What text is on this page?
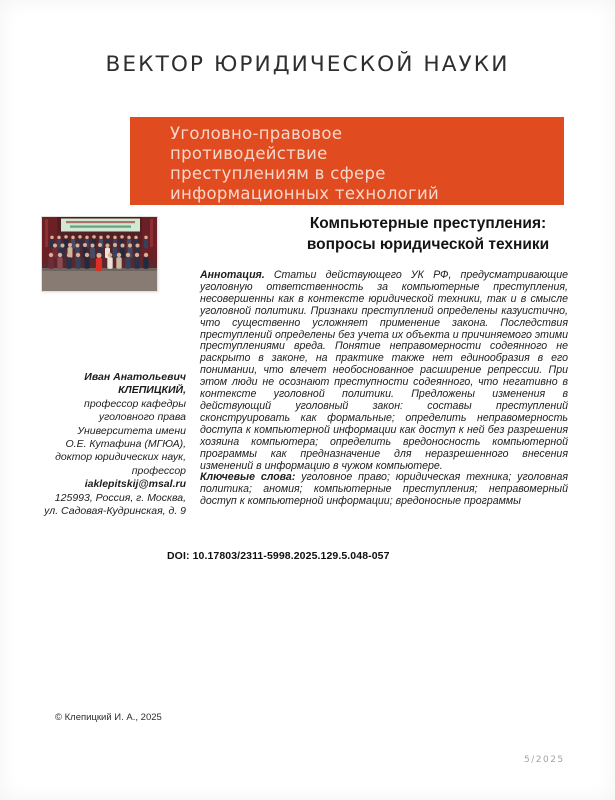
ВЕКТОР ЮРИДИЧЕСКОЙ НАУКИ
Уголовно-правовое
противодействие
преступлениям в сфере
информационных технологий
Компьютерные преступления:
вопросы юридической техники
Иван Анатольевич
КЛЕПИЦКИЙ,
профессор кафедры
уголовного права
Университета имени
О.Е. Кутафина (МГЮА),
доктор юридических наук,
профессор
iaklepitskij@msal.ru
125993, Россия, г. Москва,
ул. Садовая-Кудринская, д. 9

Аннотация. Статьи действующего УК РФ, предусматривающие уголовную ответственность за компьютерные преступления, несовершенны как в контексте юридической техники, так и в смысле уголовной политики. Признаки преступлений определены казуистично, что существенно усложняет применение закона. Последствия преступлений определены без учета их объекта и причиняемого этими преступлениями вреда. Понятие неправомерности содеянного не раскрыто в законе, на практике также нет единообразия в его понимании, что влечет необоснованное расширение репрессии. При этом люди не осознают преступности содеянного, что негативно в контексте уголовной политики. Предложены изменения в действующий уголовный закон: составы преступлений сконструировать как формальные; определить неправомерность доступа к компьютерной информации как доступ к ней без разрешения хозяина компьютера; определить вредоносность компьютерной программы как предназначение для неразрешенного внесения изменений в информацию в чужом компьютере.

Ключевые слова: уголовное право; юридическая техника; уголовная политика; аномия; компьютерные преступления; неправомерный доступ к компьютерной информации; вредоносные программы

DOI: 10.17803/2311-5998.2025.129.5.048-057
© Клепицкий И. А., 2025
5/2025
